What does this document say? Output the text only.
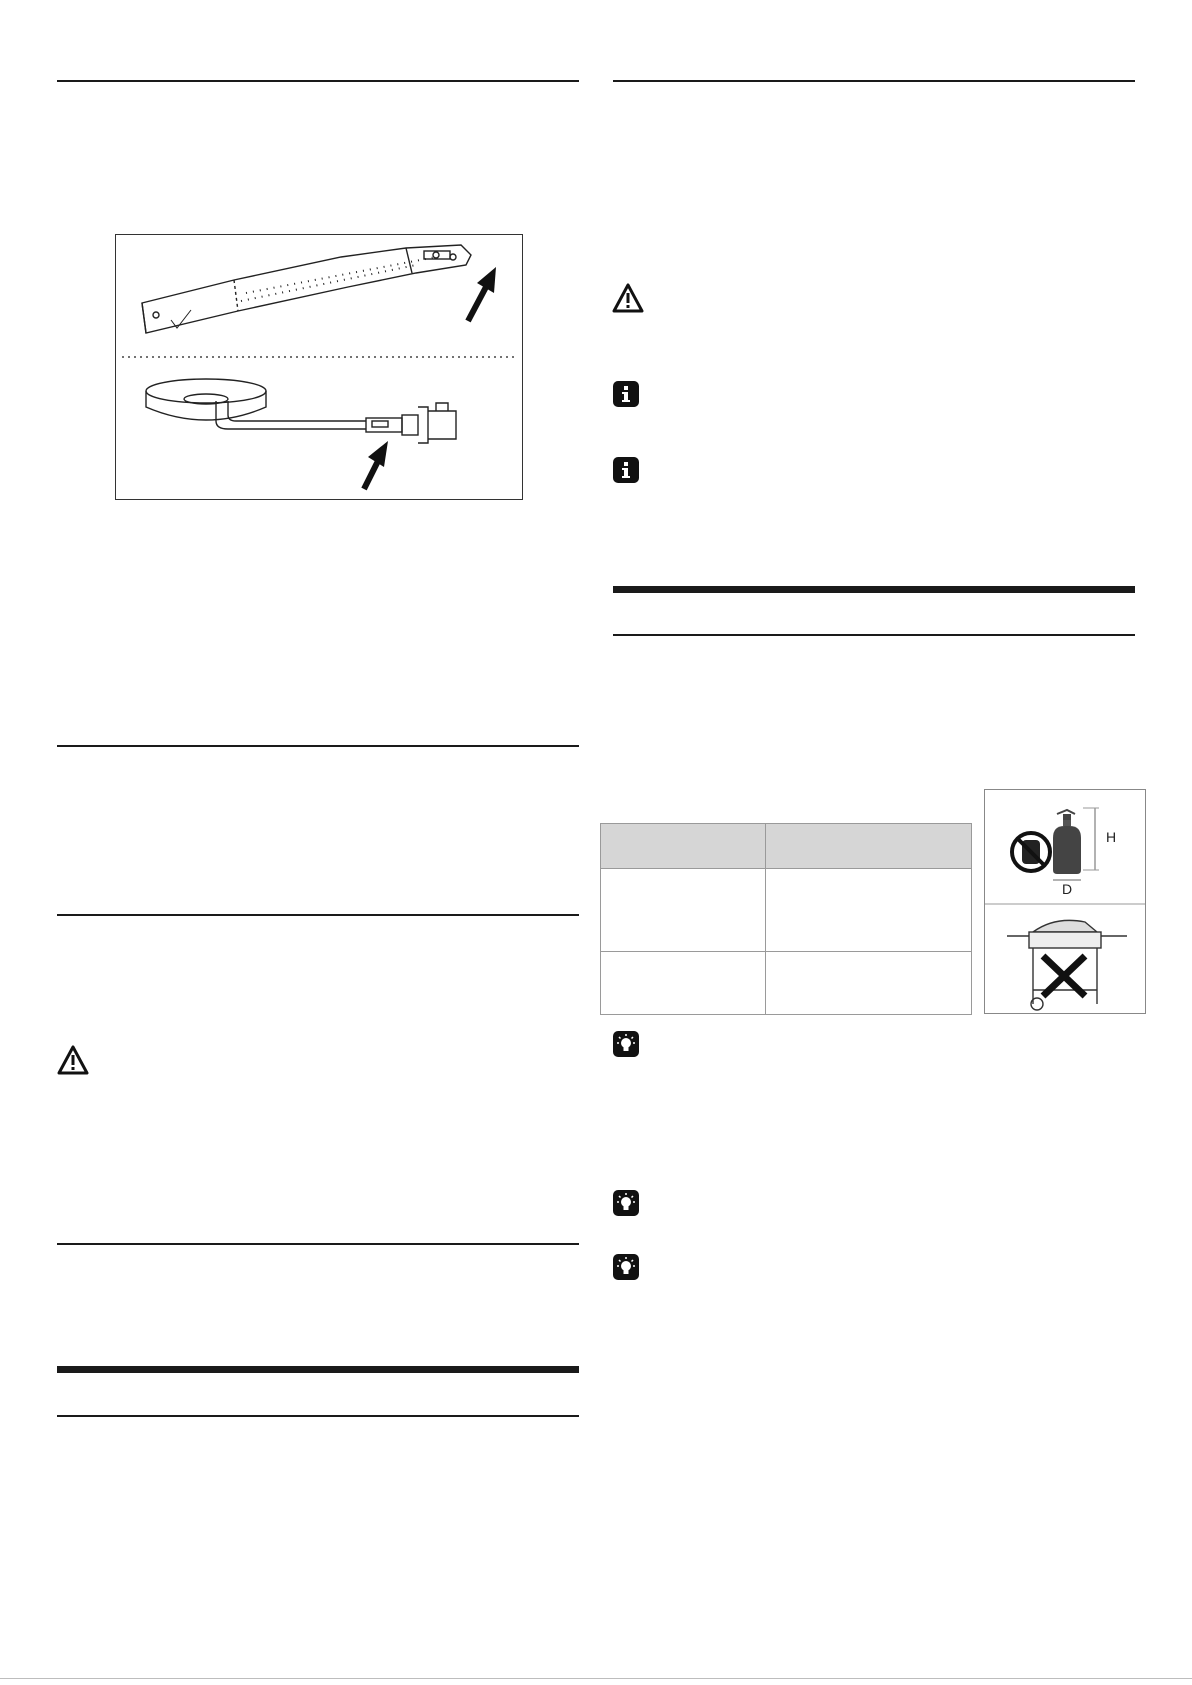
H
D
